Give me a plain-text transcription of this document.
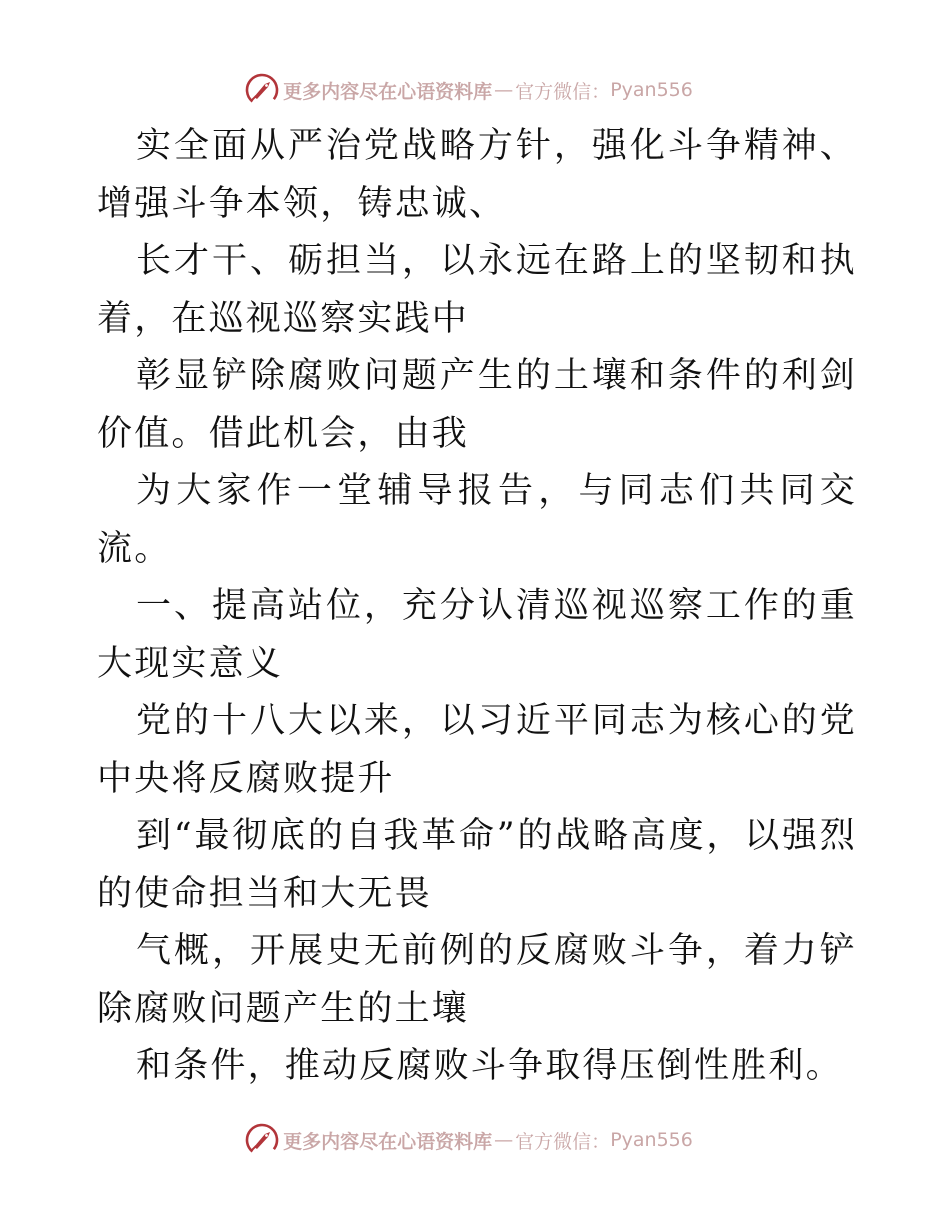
更多内容尽在心语资料库 — 官方微信： Pyan556

实全面从严治党战略方针，强化斗争精神、增强斗争本领，铸忠诚、

长才干、砺担当，以永远在路上的坚韧和执着，在巡视巡察实践中

彰显铲除腐败问题产生的土壤和条件的利剑价值。借此机会，由我

为大家作一堂辅导报告，与同志们共同交流。

一、提高站位，充分认清巡视巡察工作的重大现实意义

党的十八大以来，以习近平同志为核心的党中央将反腐败提升

到“最彻底的自我革命”的战略高度，以强烈的使命担当和大无畏

气概，开展史无前例的反腐败斗争，着力铲除腐败问题产生的土壤

和条件，推动反腐败斗争取得压倒性胜利。

更多内容尽在心语资料库 — 官方微信： Pyan556
